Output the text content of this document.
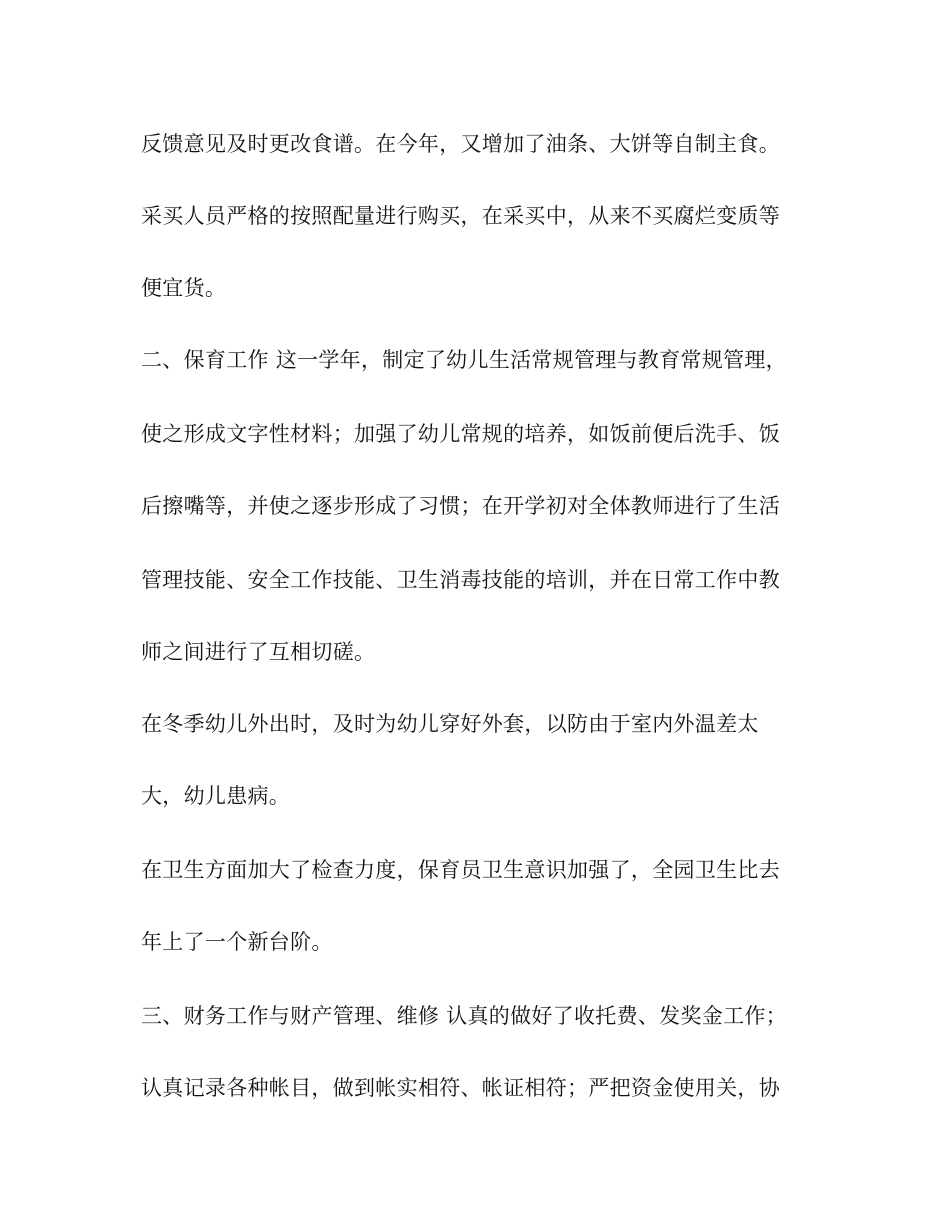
反馈意见及时更改食谱。在今年，又增加了油条、大饼等自制主食。
采买人员严格的按照配量进行购买，在采买中，从来不买腐烂变质等
便宜货。
二、保育工作 这一学年，制定了幼儿生活常规管理与教育常规管理，
使之形成文字性材料；加强了幼儿常规的培养，如饭前便后洗手、饭
后擦嘴等，并使之逐步形成了习惯；在开学初对全体教师进行了生活
管理技能、安全工作技能、卫生消毒技能的培训，并在日常工作中教
师之间进行了互相切磋。
在冬季幼儿外出时，及时为幼儿穿好外套，以防由于室内外温差太
大，幼儿患病。
在卫生方面加大了检查力度，保育员卫生意识加强了，全园卫生比去
年上了一个新台阶。
三、财务工作与财产管理、维修 认真的做好了收托费、发奖金工作；
认真记录各种帐目，做到帐实相符、帐证相符；严把资金使用关，协
